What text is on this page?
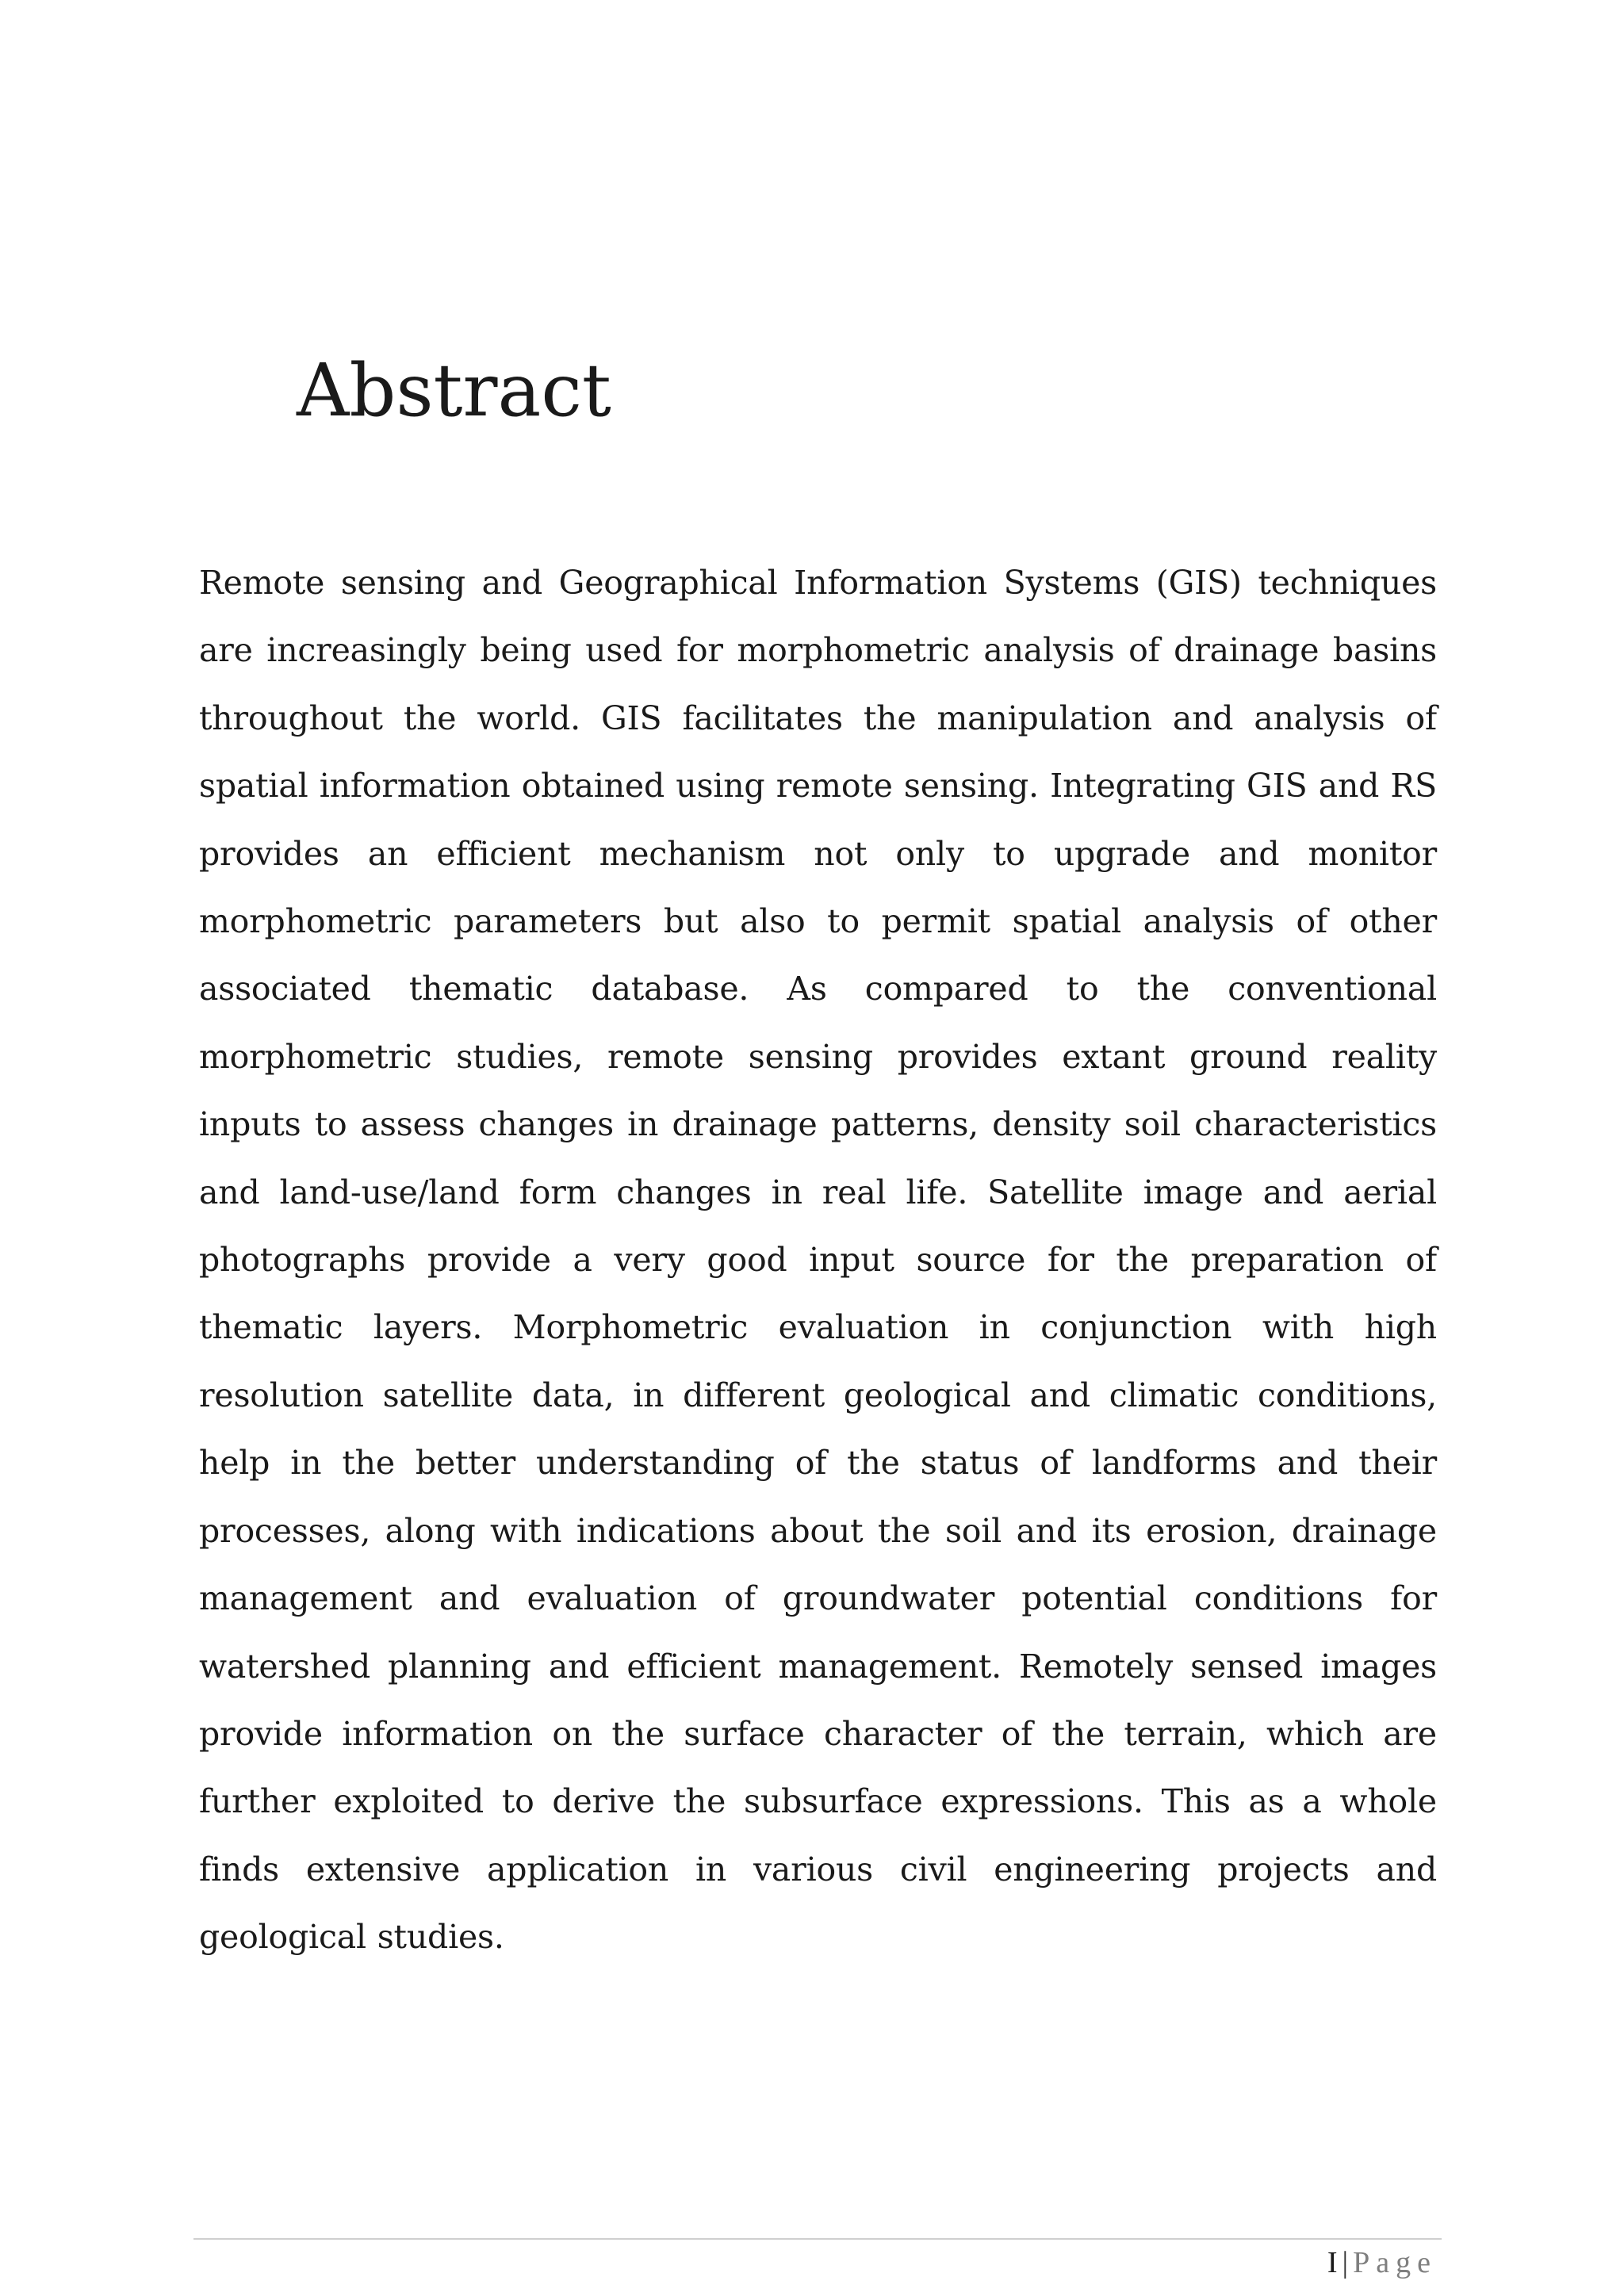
Abstract

Remote sensing and Geographical Information Systems (GIS) techniques are increasingly being used for morphometric analysis of drainage basins throughout the world. GIS facilitates the manipulation and analysis of spatial information obtained using remote sensing. Integrating GIS and RS provides an efficient mechanism not only to upgrade and monitor morphometric parameters but also to permit spatial analysis of other associated thematic database. As compared to the conventional morphometric studies, remote sensing provides extant ground reality inputs to assess changes in drainage patterns, density soil characteristics and land-use/land form changes in real life. Satellite image and aerial photographs provide a very good input source for the preparation of thematic layers. Morphometric evaluation in conjunction with high resolution satellite data, in different geological and climatic conditions, help in the better understanding of the status of landforms and their processes, along with indications about the soil and its erosion, drainage management and evaluation of groundwater potential conditions for watershed planning and efficient management. Remotely sensed images provide information on the surface character of the terrain, which are further exploited to derive the subsurface expressions. This as a whole finds extensive application in various civil engineering projects and geological studies.

I | Page
